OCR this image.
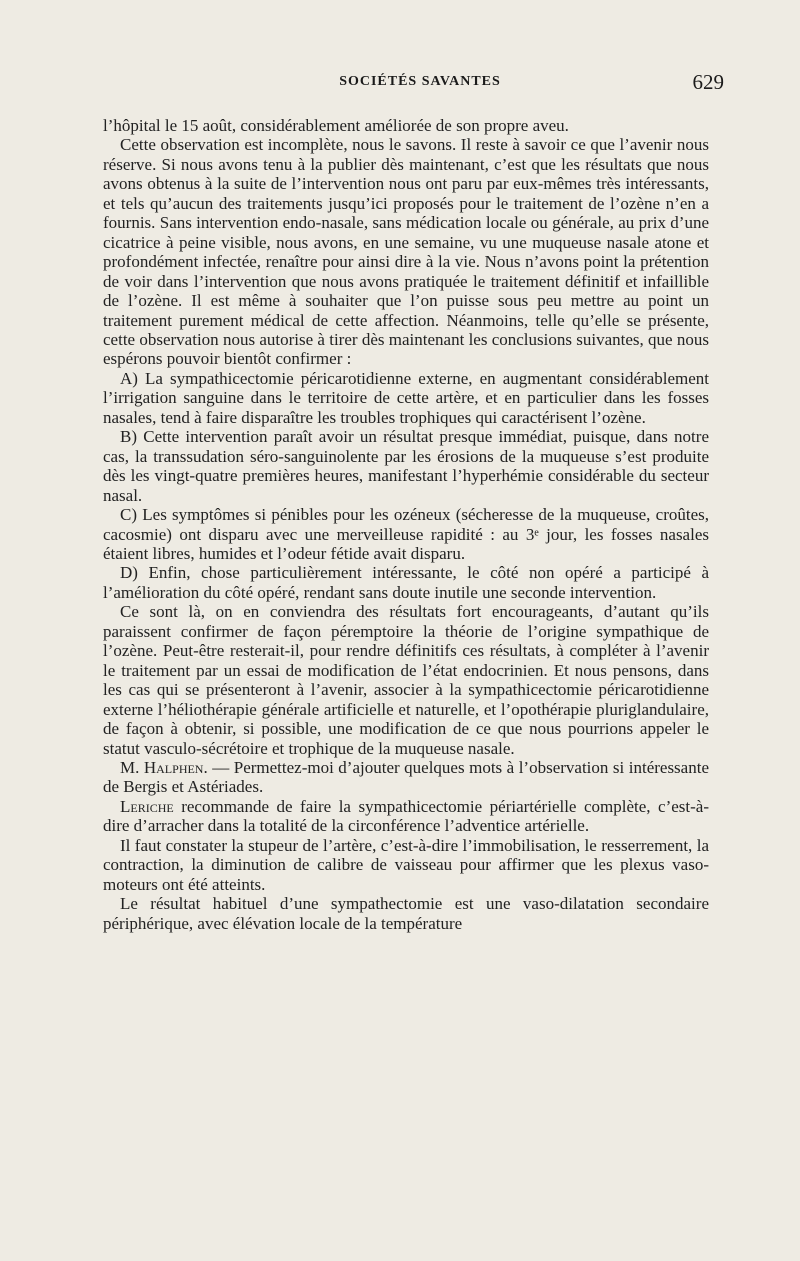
SOCIÉTÉS SAVANTES	629

l’hôpital le 15 août, considérablement améliorée de son propre aveu.

Cette observation est incomplète, nous le savons. Il reste à savoir ce que l’avenir nous réserve. Si nous avons tenu à la publier dès maintenant, c’est que les résultats que nous avons obtenus à la suite de l’intervention nous ont paru par eux-mêmes très intéressants, et tels qu’aucun des traitements jusqu’ici proposés pour le traitement de l’ozène n’en a fournis. Sans intervention endo-nasale, sans médication locale ou générale, au prix d’une cicatrice à peine visible, nous avons, en une semaine, vu une muqueuse nasale atone et profondément infectée, renaître pour ainsi dire à la vie. Nous n’avons point la prétention de voir dans l’intervention que nous avons pratiquée le traitement définitif et infaillible de l’ozène. Il est même à souhaiter que l’on puisse sous peu mettre au point un traitement purement médical de cette affection. Néanmoins, telle qu’elle se présente, cette observation nous autorise à tirer dès maintenant les conclusions suivantes, que nous espérons pouvoir bientôt confirmer :

A) La sympathicectomie péricarotidienne externe, en augmentant considérablement l’irrigation sanguine dans le territoire de cette artère, et en particulier dans les fosses nasales, tend à faire disparaître les troubles trophiques qui caractérisent l’ozène.

B) Cette intervention paraît avoir un résultat presque immédiat, puisque, dans notre cas, la transsudation séro-sanguinolente par les érosions de la muqueuse s’est produite dès les vingt-quatre premières heures, manifestant l’hyperhémie considérable du secteur nasal.

C) Les symptômes si pénibles pour les ozéneux (sécheresse de la muqueuse, croûtes, cacosmie) ont disparu avec une merveilleuse rapidité : au 3ᵉ jour, les fosses nasales étaient libres, humides et l’odeur fétide avait disparu.

D) Enfin, chose particulièrement intéressante, le côté non opéré a participé à l’amélioration du côté opéré, rendant sans doute inutile une seconde intervention.

Ce sont là, on en conviendra des résultats fort encourageants, d’autant qu’ils paraissent confirmer de façon péremptoire la théorie de l’origine sympathique de l’ozène. Peut-être resterait-il, pour rendre définitifs ces résultats, à compléter à l’avenir le traitement par un essai de modification de l’état endocrinien. Et nous pensons, dans les cas qui se présenteront à l’avenir, associer à la sympathicectomie péricarotidienne externe l’héliothérapie générale artificielle et naturelle, et l’opothérapie pluriglandulaire, de façon à obtenir, si possible, une modification de ce que nous pourrions appeler le statut vasculo-sécrétoire et trophique de la muqueuse nasale.

M. Halphen. — Permettez-moi d’ajouter quelques mots à l’observation si intéressante de Bergis et Astériades.

Leriche recommande de faire la sympathicectomie périartérielle complète, c’est-à-dire d’arracher dans la totalité de la circonférence l’adventice artérielle.

Il faut constater la stupeur de l’artère, c’est-à-dire l’immobilisation, le resserrement, la contraction, la diminution de calibre de vaisseau pour affirmer que les plexus vaso-moteurs ont été atteints.

Le résultat habituel d’une sympathectomie est une vaso-dilatation secondaire périphérique, avec élévation locale de la température
